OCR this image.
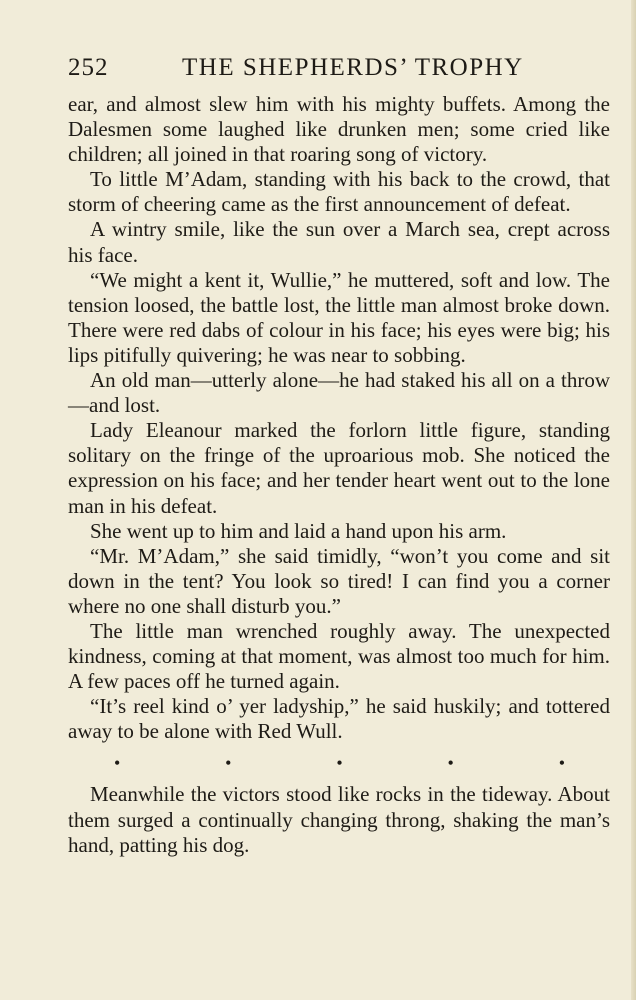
252	THE SHEPHERDS’ TROPHY

ear, and almost slew him with his mighty buffets. Among the Dalesmen some laughed like drunken men; some cried like children; all joined in that roaring song of victory.

To little M’Adam, standing with his back to the crowd, that storm of cheering came as the first announcement of defeat.

A wintry smile, like the sun over a March sea, crept across his face.

“We might a kent it, Wullie,” he muttered, soft and low. The tension loosed, the battle lost, the little man almost broke down. There were red dabs of colour in his face; his eyes were big; his lips pitifully quivering; he was near to sobbing.

An old man—utterly alone—he had staked his all on a throw—and lost.

Lady Eleanour marked the forlorn little figure, standing solitary on the fringe of the uproarious mob. She noticed the expression on his face; and her tender heart went out to the lone man in his defeat.

She went up to him and laid a hand upon his arm.

“Mr. M’Adam,” she said timidly, “won’t you come and sit down in the tent? You look so tired! I can find you a corner where no one shall disturb you.”

The little man wrenched roughly away. The unexpected kindness, coming at that moment, was almost too much for him. A few paces off he turned again.

“It’s reel kind o’ yer ladyship,” he said huskily; and tottered away to be alone with Red Wull.

•	•	•	•	•

Meanwhile the victors stood like rocks in the tideway. About them surged a continually changing throng, shaking the man’s hand, patting his dog.
